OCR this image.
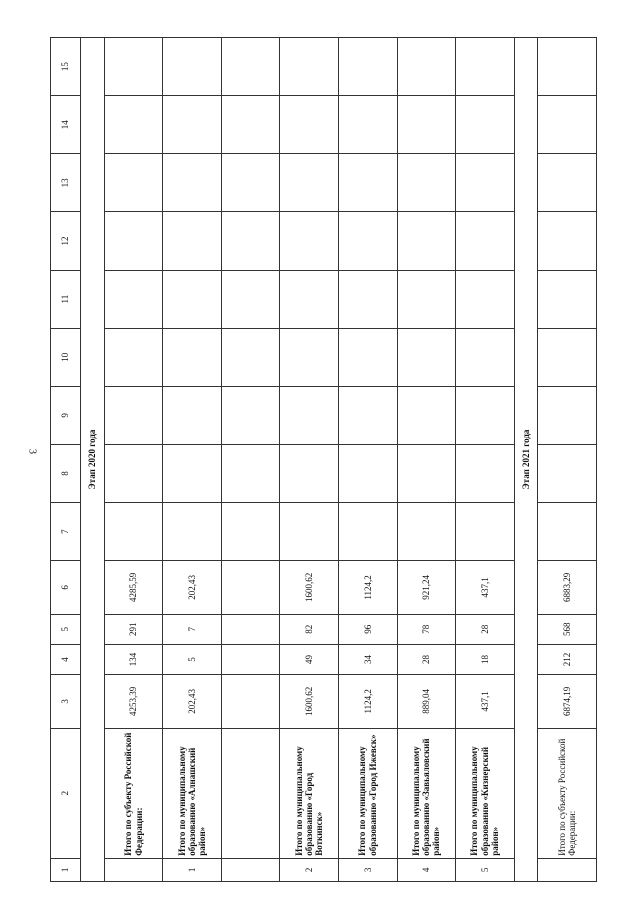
3
1	2	3	4	5	6	7	8	9	10	11	12	13	14	15
Этап 2020 года														
	Итого по субъекту Российской Федерации:	4253,39	134	291	4285,59									
1	Итого по муниципальному образованию «Алнашский район»	202,43	5	7	202,43									

2	Итого по муниципальному образованию «Город Воткинск»	1600,62	49	82	1600,62									
3	Итого по муниципальному образованию «Город Ижевск»	1124,2	34	96	1124,2									
4	Итого по муниципальному образованию «Завьяловский район»	889,04	28	78	921,24									
5	Итого по муниципальному образованию «Кизнерский район»	437,1	18	28	437,1									
Этап 2021 года														
	Итого по субъекту Российской Федерации:	6874,19	212	568	6883,29									
